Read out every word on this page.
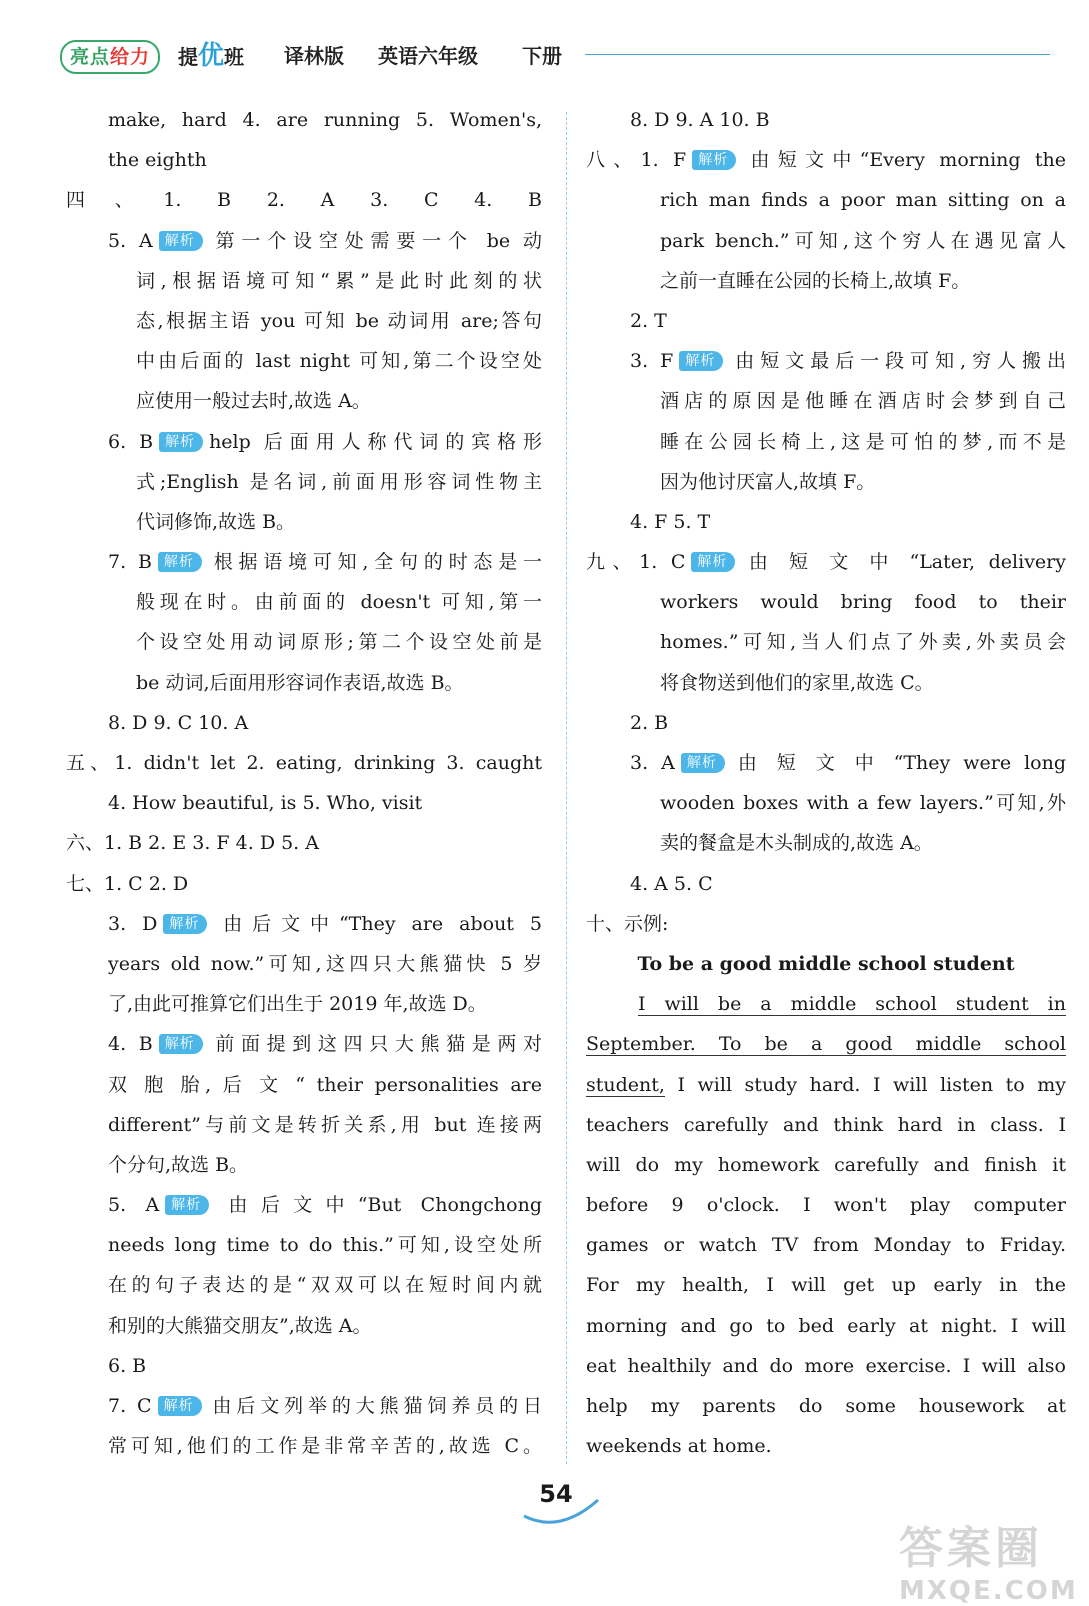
亮点给力	提优班 译林版 英语六年级 下册
make, hard 4. are running 5. Women's,
the eighth
四、1. B 2. A 3. C 4. B
5. A 解析 第一个设空处需要一个 be 动
词,根据语境可知“累”是此时此刻的状
态,根据主语 you 可知 be 动词用 are;答句
中由后面的 last night 可知,第二个设空处
应使用一般过去时,故选 A。
6. B 解析 help 后面用人称代词的宾格形
式;English 是名词,前面用形容词性物主
代词修饰,故选 B。
7. B 解析 根据语境可知,全句的时态是一
般现在时。由前面的 doesn't 可知,第一
个设空处用动词原形;第二个设空处前是
be 动词,后面用形容词作表语,故选 B。
8. D 9. C 10. A
五、1. didn't let 2. eating, drinking 3. caught
4. How beautiful, is 5. Who, visit
六、1. B 2. E 3. F 4. D 5. A
七、1. C 2. D
3. D 解析 由后文中“They are about 5
years old now.”可知,这四只大熊猫快 5 岁
了,由此可推算它们出生于 2019 年,故选 D。
4. B 解析 前面提到这四只大熊猫是两对
双 胞 胎, 后 文 “ their personalities are
different”与前文是转折关系,用 but 连接两
个分句,故选 B。
5. A 解析 由后文中“But Chongchong
needs long time to do this.”可知,设空处所
在的句子表达的是“双双可以在短时间内就
和别的大熊猫交朋友”,故选 A。
6. B
7. C 解析 由后文列举的大熊猫饲养员的日
常可知,他们的工作是非常辛苦的,故选 C。
8. D 9. A 10. B
八、1. F 解析 由短文中“Every morning the
rich man finds a poor man sitting on a
park bench.”可知,这个穷人在遇见富人
之前一直睡在公园的长椅上,故填 F。
2. T
3. F 解析 由短文最后一段可知,穷人搬出
酒店的原因是他睡在酒店时会梦到自己
睡在公园长椅上,这是可怕的梦,而不是
因为他讨厌富人,故填 F。
4. F 5. T
九、1. C 解析 由 短 文 中 “Later, delivery
workers would bring food to their
homes.”可知,当人们点了外卖,外卖员会
将食物送到他们的家里,故选 C。
2. B
3. A 解析 由 短 文 中 “They were long
wooden boxes with a few layers.”可知,外
卖的餐盒是木头制成的,故选 A。
4. A 5. C
十、示例:
To be a good middle school student
I will be a middle school student in
September. To be a good middle school
student, I will study hard. I will listen to my
teachers carefully and think hard in class. I
will do my homework carefully and finish it
before 9 o'clock. I won't play computer
games or watch TV from Monday to Friday.
For my health, I will get up early in the
morning and go to bed early at night. I will
eat healthily and do more exercise. I will also
help my parents do some housework at
weekends at home.
54
答案圈
MXQE.COM
